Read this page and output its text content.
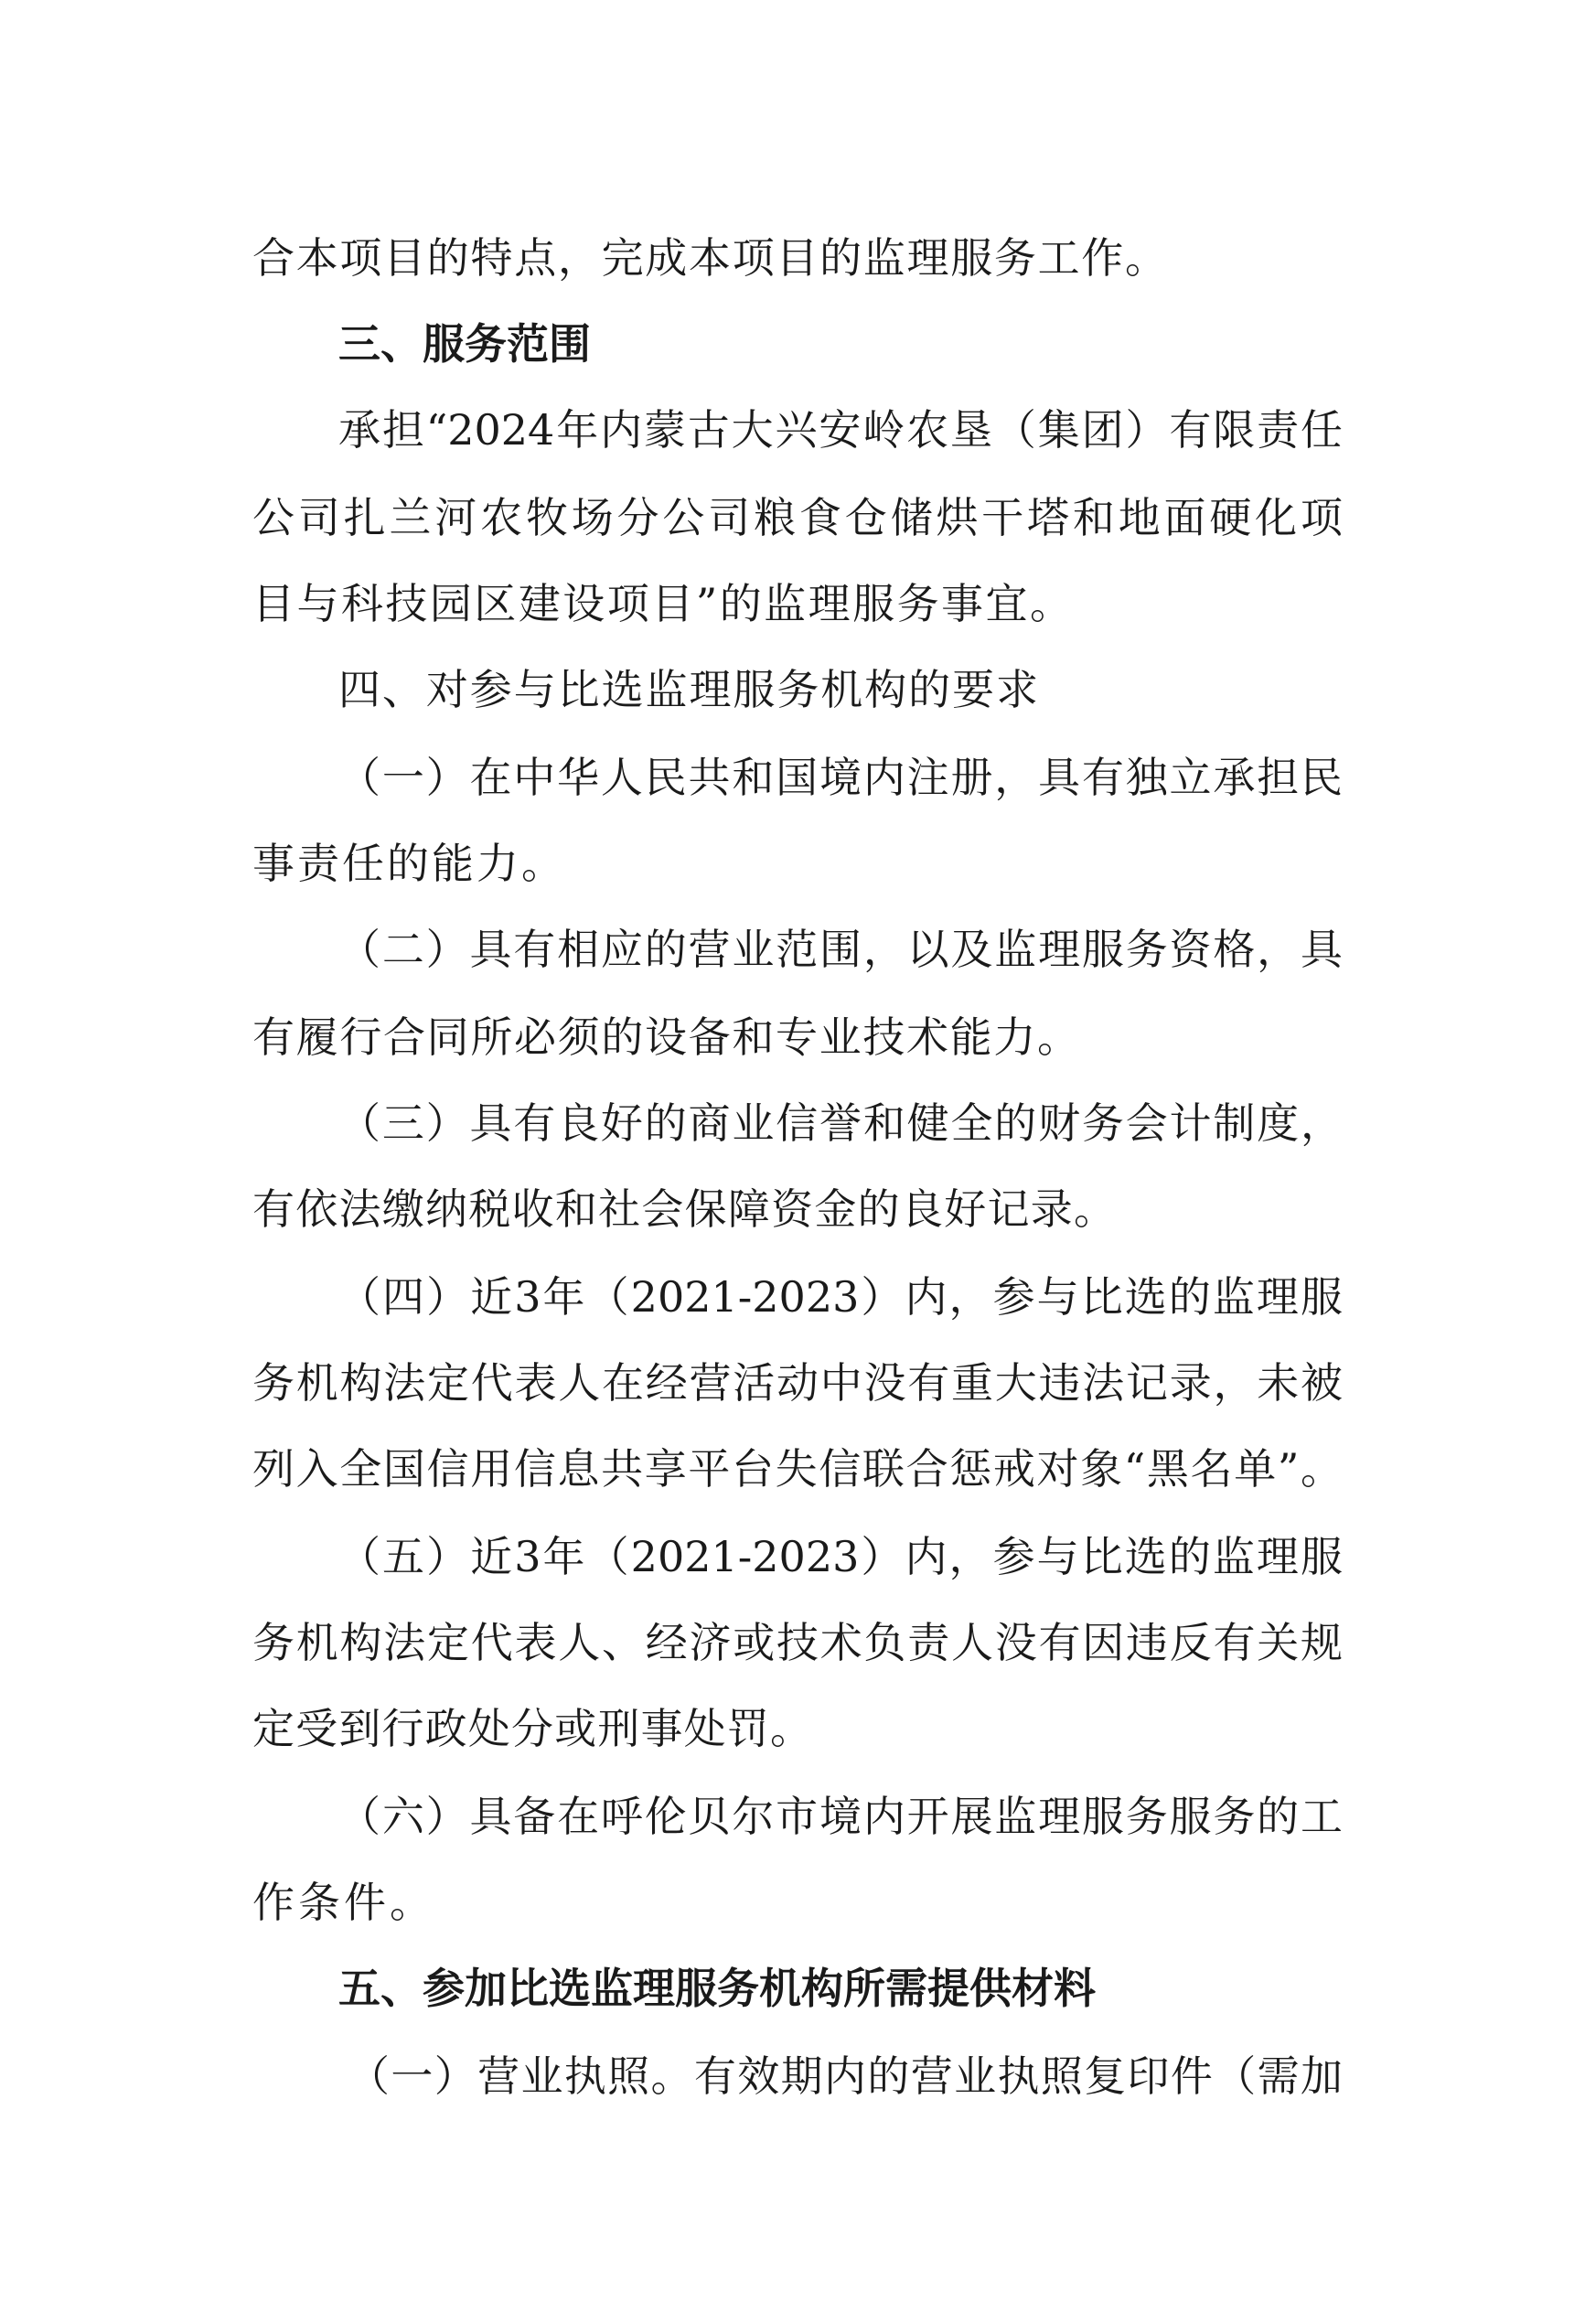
合本项目的特点，完成本项目的监理服务工作。
三、服务范围
承担“2024年内蒙古大兴安岭农垦（集团）有限责任
公司扎兰河农牧场分公司粮食仓储烘干塔和地面硬化项
目与科技园区建设项目”的监理服务事宜。
四、对参与比选监理服务机构的要求
（一）在中华人民共和国境内注册，具有独立承担民
事责任的能力。
（二）具有相应的营业范围，以及监理服务资格，具
有履行合同所必须的设备和专业技术能力。
（三）具有良好的商业信誉和健全的财务会计制度，
有依法缴纳税收和社会保障资金的良好记录。
（四）近3年（2021-2023）内，参与比选的监理服
务机构法定代表人在经营活动中没有重大违法记录，未被
列入全国信用信息共享平台失信联合惩戒对象“黑名单”。
（五）近3年（2021-2023）内，参与比选的监理服
务机构法定代表人、经济或技术负责人没有因违反有关规
定受到行政处分或刑事处罚。
（六）具备在呼伦贝尔市境内开展监理服务服务的工
作条件。
五、参加比选监理服务机构所需提供材料
（一）营业执照。有效期内的营业执照复印件（需加
